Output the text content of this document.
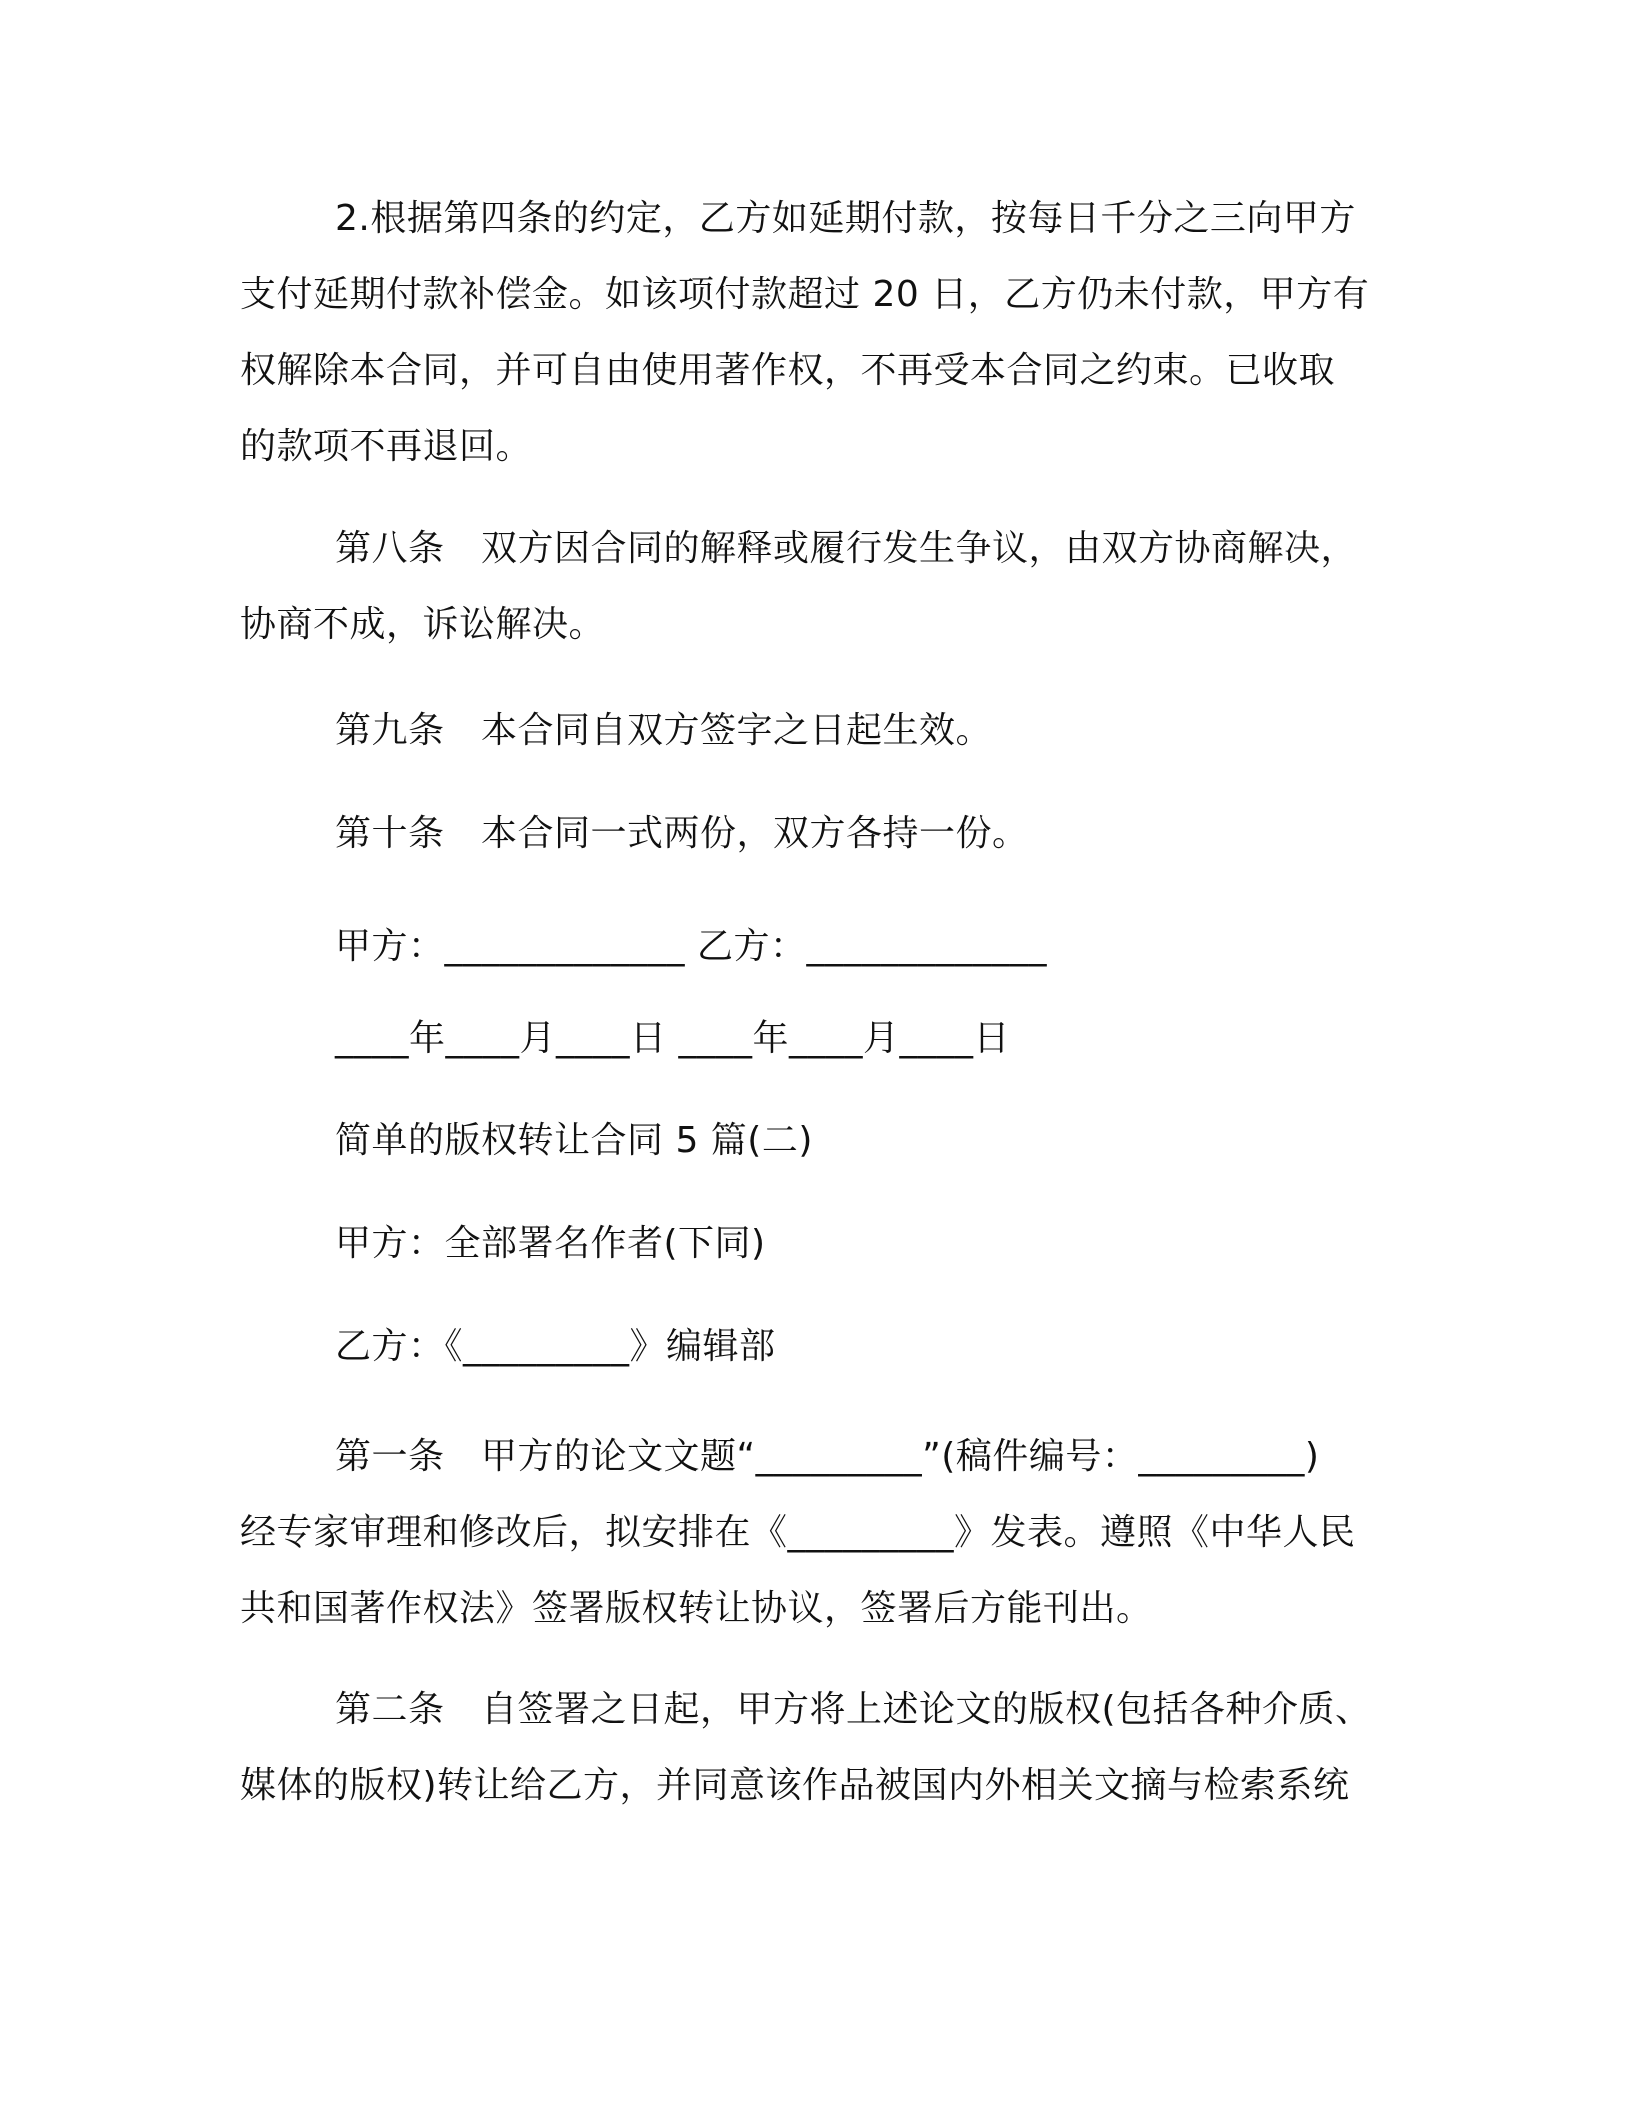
2.根据第四条的约定，乙方如延期付款，按每日千分之三向甲方
支付延期付款补偿金。如该项付款超过 20 日，乙方仍未付款，甲方有
权解除本合同，并可自由使用著作权，不再受本合同之约束。已收取
的款项不再退回。
第八条　双方因合同的解释或履行发生争议，由双方协商解决，
协商不成，诉讼解决。
第九条　本合同自双方签字之日起生效。
第十条　本合同一式两份，双方各持一份。
甲方：_____________ 乙方：_____________
____年____月____日 ____年____月____日
简单的版权转让合同 5 篇(二)
甲方：全部署名作者(下同)
乙方：《_________》编辑部
第一条　甲方的论文文题“_________”(稿件编号：_________)
经专家审理和修改后，拟安排在《_________》发表。遵照《中华人民
共和国著作权法》签署版权转让协议，签署后方能刊出。
第二条　自签署之日起，甲方将上述论文的版权(包括各种介质、
媒体的版权)转让给乙方，并同意该作品被国内外相关文摘与检索系统
